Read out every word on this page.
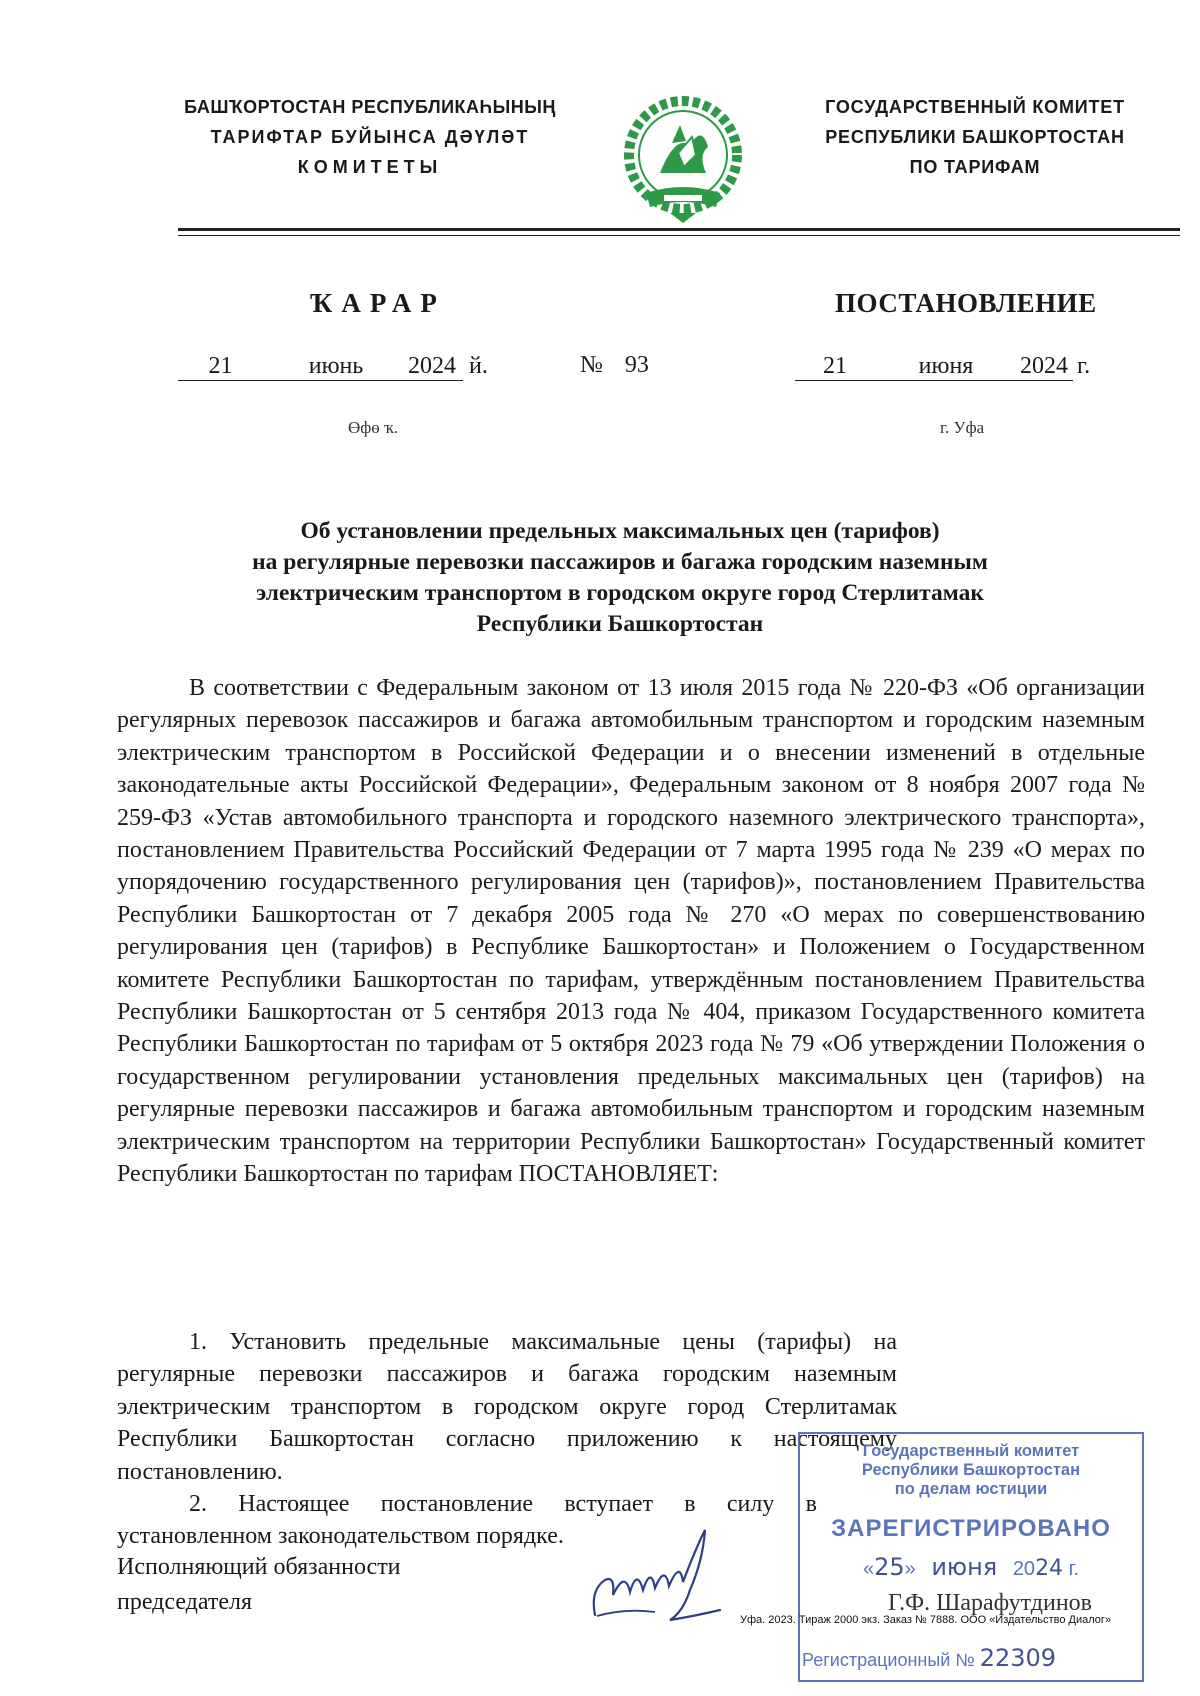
БАШҠОРТОСТАН РЕСПУБЛИКАҺЫНЫҢ
ТАРИФТАР БУЙЫНСА ДӘҮЛӘТ
КОМИТЕТЫ
ГОСУДАРСТВЕННЫЙ КОМИТЕТ
РЕСПУБЛИКИ БАШКОРТОСТАН
ПО ТАРИФАМ
ҠАРАР	ПОСТАНОВЛЕНИЕ
21	июнь 2024 й.	№ 93	21	июня 2024 г.
Өфө ҡ.	г. Уфа
Об установлении предельных максимальных цен (тарифов)
на регулярные перевозки пассажиров и багажа городским наземным
электрическим транспортом в городском округе город Стерлитамак
Республики Башкортостан

В соответствии с Федеральным законом от 13 июля 2015 года № 220-ФЗ «Об организации регулярных перевозок пассажиров и багажа автомобильным транспортом и городским наземным электрическим транспортом в Российской Федерации и о внесении изменений в отдельные законодательные акты Российской Федерации», Федеральным законом от 8 ноября 2007 года № 259-ФЗ «Устав автомобильного транспорта и городского наземного электрического транспорта», постановлением Правительства Российский Федерации от 7 марта 1995 года № 239 «О мерах по упорядочению государственного регулирования цен (тарифов)», постановлением Правительства Республики Башкортостан от 7 декабря 2005 года № 270 «О мерах по совершенствованию регулирования цен (тарифов) в Республике Башкортостан» и Положением о Государственном комитете Республики Башкортостан по тарифам, утверждённым постановлением Правительства Республики Башкортостан от 5 сентября 2013 года № 404, приказом Государственного комитета Республики Башкортостан по тарифам от 5 октября 2023 года № 79 «Об утверждении Положения о государственном регулировании установления предельных максимальных цен (тарифов) на регулярные перевозки пассажиров и багажа автомобильным транспортом и городским наземным электрическим транспортом на территории Республики Башкортостан» Государственный комитет Республики Башкортостан по тарифам ПОСТАНОВЛЯЕТ:

1. Установить предельные максимальные цены (тарифы) на регулярные перевозки пассажиров и багажа городским наземным электрическим транспортом в городском округе город Стерлитамак Республики Башкортостан согласно приложению к настоящему постановлению.

2. Настоящее постановление вступает в силу в установленном законодательством порядке.

Исполняющий обязанности
председателя
Государственный комитет
Республики Башкортостан
по делам юстиции
ЗАРЕГИСТРИРОВАНО
«25» июня 2024 г.
Регистрационный № 22309
Г.Ф. Шарафутдинов
Уфа. 2023. Тираж 2000 экз. Заказ № 7888. ООО «Издательство Диалог»
